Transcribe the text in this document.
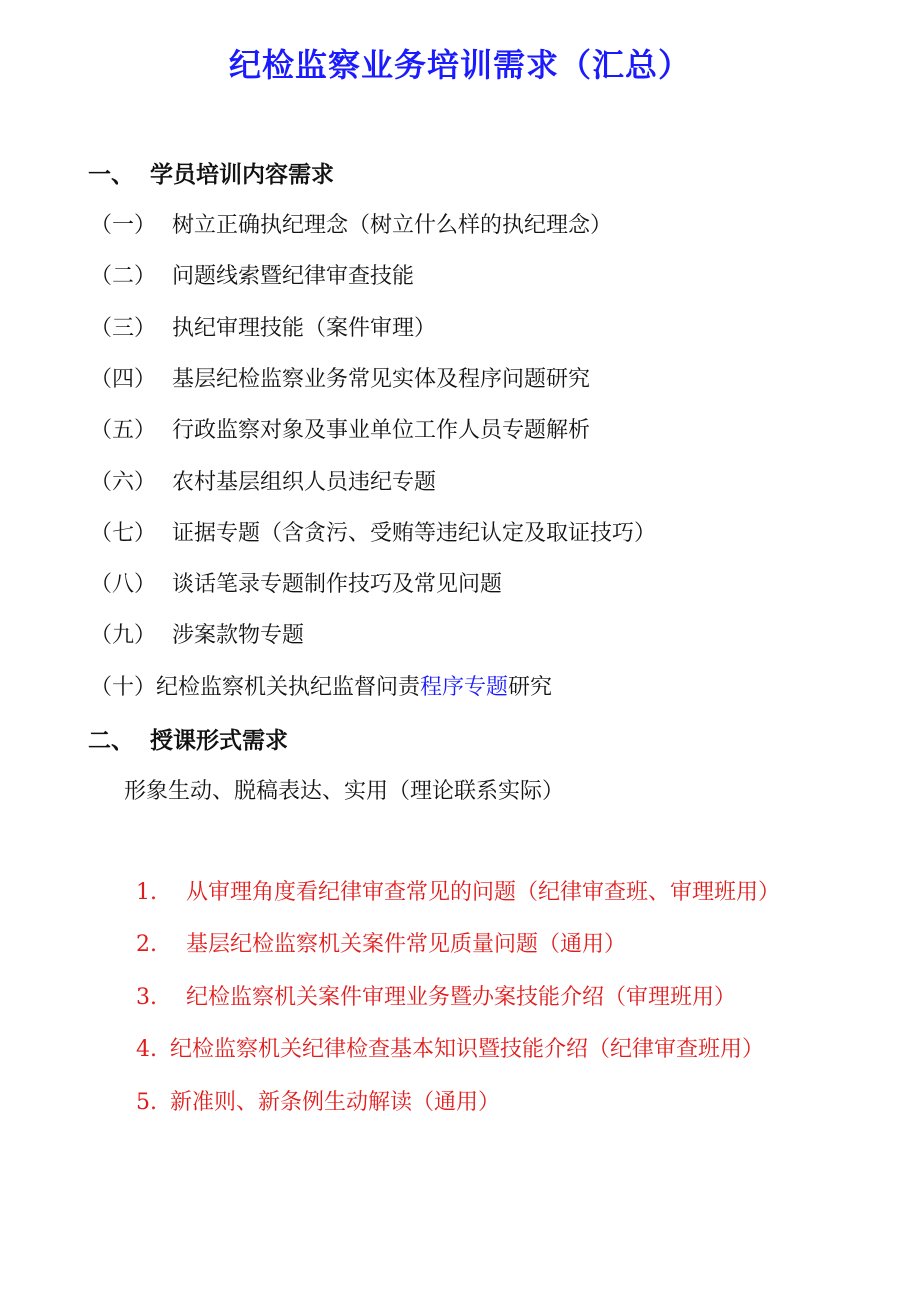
纪检监察业务培训需求（汇总）
一、 学员培训内容需求
（一） 树立正确执纪理念（树立什么样的执纪理念）
（二） 问题线索暨纪律审查技能
（三） 执纪审理技能（案件审理）
（四） 基层纪检监察业务常见实体及程序问题研究
（五） 行政监察对象及事业单位工作人员专题解析
（六） 农村基层组织人员违纪专题
（七） 证据专题（含贪污、受贿等违纪认定及取证技巧）
（八） 谈话笔录专题制作技巧及常见问题
（九） 涉案款物专题
（十）纪检监察机关执纪监督问责程序专题研究
二、 授课形式需求
形象生动、脱稿表达、实用（理论联系实际）
1. 从审理角度看纪律审查常见的问题（纪律审查班、审理班用）
2. 基层纪检监察机关案件常见质量问题（通用）
3. 纪检监察机关案件审理业务暨办案技能介绍（审理班用）
4. 纪检监察机关纪律检查基本知识暨技能介绍（纪律审查班用）
5. 新准则、新条例生动解读（通用）
